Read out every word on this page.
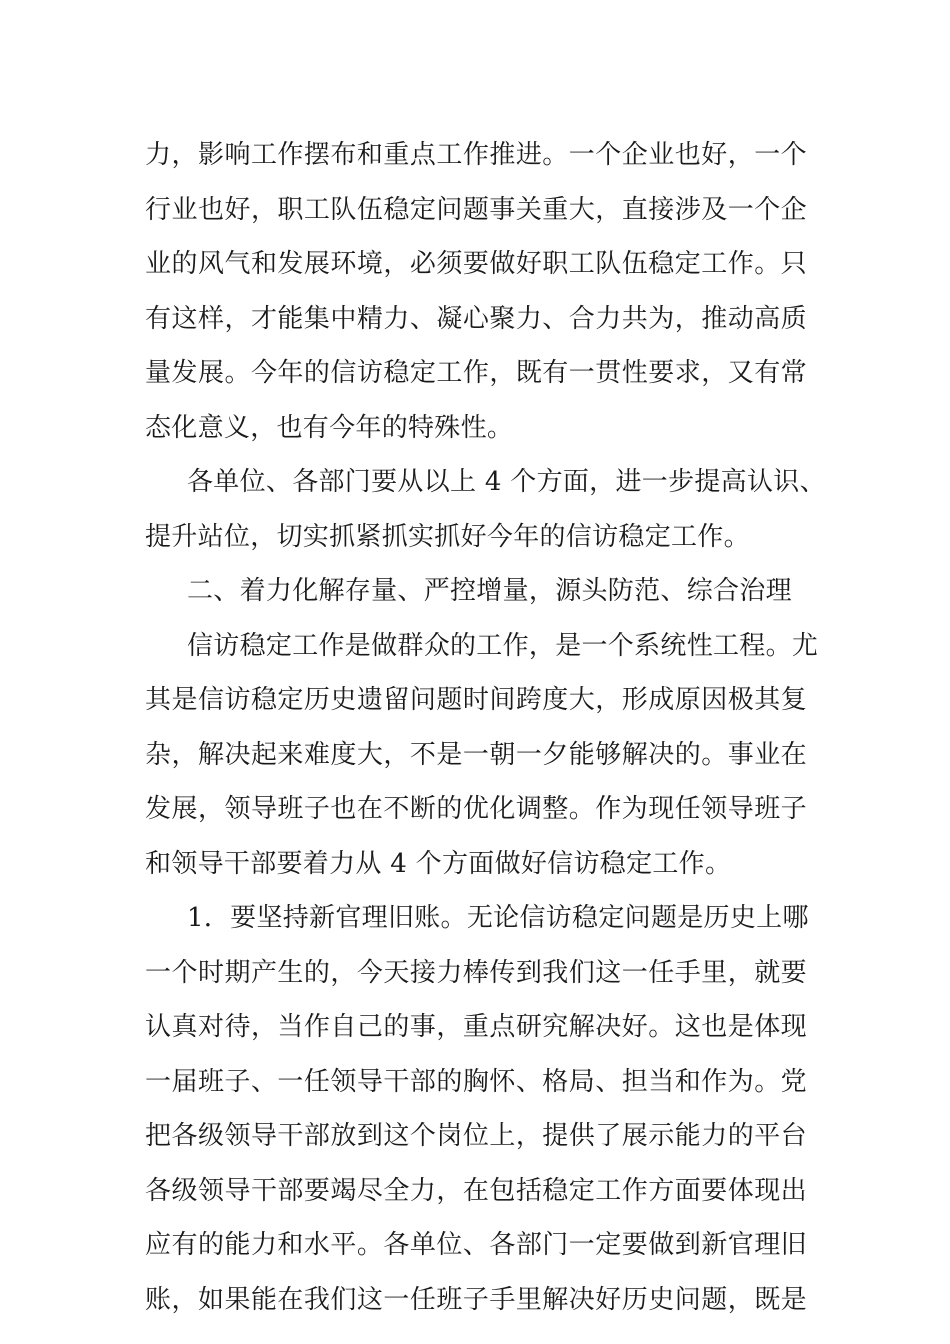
力，影响工作摆布和重点工作推进。一个企业也好，一个
行业也好，职工队伍稳定问题事关重大，直接涉及一个企
业的风气和发展环境，必须要做好职工队伍稳定工作。只
有这样，才能集中精力、凝心聚力、合力共为，推动高质
量发展。今年的信访稳定工作，既有一贯性要求，又有常
态化意义，也有今年的特殊性。
各单位、各部门要从以上 4 个方面，进一步提高认识、
提升站位，切实抓紧抓实抓好今年的信访稳定工作。
二、着力化解存量、严控增量，源头防范、综合治理
信访稳定工作是做群众的工作，是一个系统性工程。尤
其是信访稳定历史遗留问题时间跨度大，形成原因极其复
杂，解决起来难度大，不是一朝一夕能够解决的。事业在
发展，领导班子也在不断的优化调整。作为现任领导班子
和领导干部要着力从 4 个方面做好信访稳定工作。
1．要坚持新官理旧账。无论信访稳定问题是历史上哪
一个时期产生的，今天接力棒传到我们这一任手里，就要
认真对待，当作自己的事，重点研究解决好。这也是体现
一届班子、一任领导干部的胸怀、格局、担当和作为。党
把各级领导干部放到这个岗位上，提供了展示能力的平台
各级领导干部要竭尽全力，在包括稳定工作方面要体现出
应有的能力和水平。各单位、各部门一定要做到新官理旧
账，如果能在我们这一任班子手里解决好历史问题，既是
